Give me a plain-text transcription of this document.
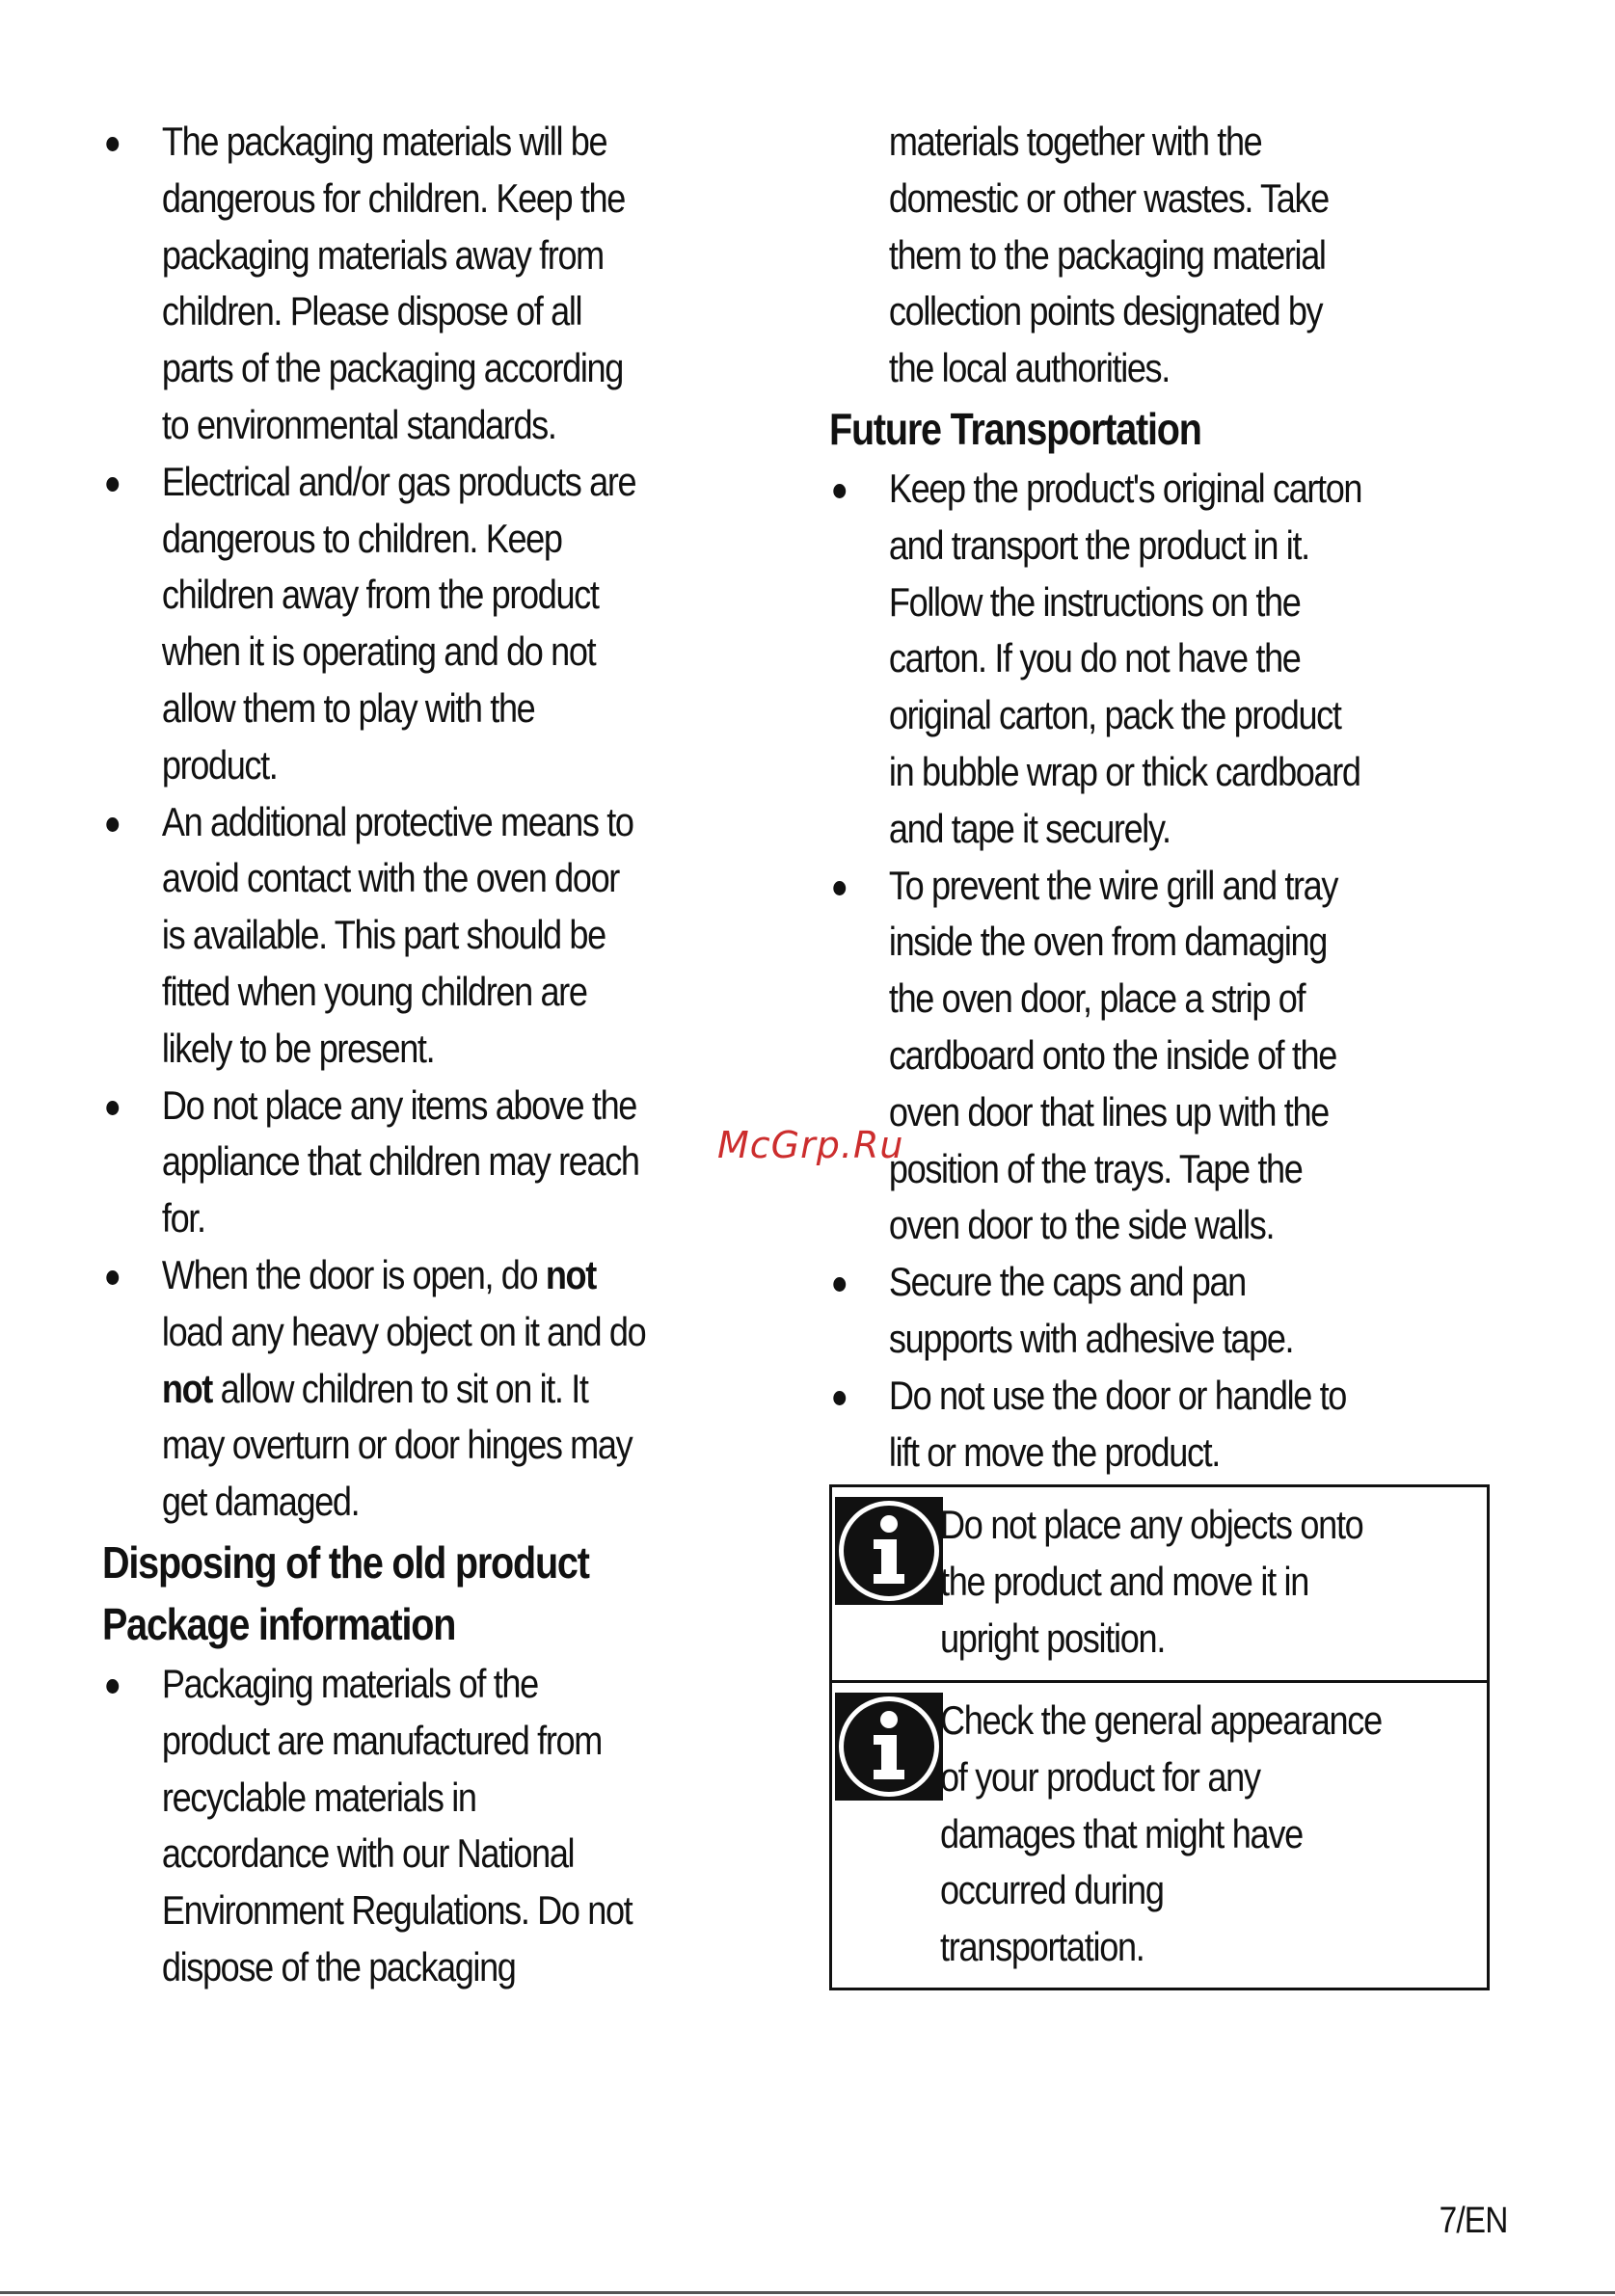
The packaging materials will be
dangerous for children. Keep the
packaging materials away from
children. Please dispose of all
parts of the packaging according
to environmental standards.
Electrical and/or gas products are
dangerous to children. Keep
children away from the product
when it is operating and do not
allow them to play with the
product.
An additional protective means to
avoid contact with the oven door
is available. This part should be
fitted when young children are
likely to be present.
Do not place any items above the
appliance that children may reach
for.
When the door is open, do not
load any heavy object on it and do
not allow children to sit on it. It
may overturn or door hinges may
get damaged.
Disposing of the old product
Package information
Packaging materials of the
product are manufactured from
recyclable materials in
accordance with our National
Environment Regulations. Do not
dispose of the packaging
materials together with the
domestic or other wastes. Take
them to the packaging material
collection points designated by
the local authorities.
Future Transportation
Keep the product's original carton
and transport the product in it.
Follow the instructions on the
carton. If you do not have the
original carton, pack the product
in bubble wrap or thick cardboard
and tape it securely.
To prevent the wire grill and tray
inside the oven from damaging
the oven door, place a strip of
cardboard onto the inside of the
oven door that lines up with the
position of the trays. Tape the
oven door to the side walls.
Secure the caps and pan
supports with adhesive tape.
Do not use the door or handle to
lift or move the product.
Do not place any objects onto
the product and move it in
upright position.
Check the general appearance
of your product for any
damages that might have
occurred during
transportation.
McGrp.Ru
7/EN
